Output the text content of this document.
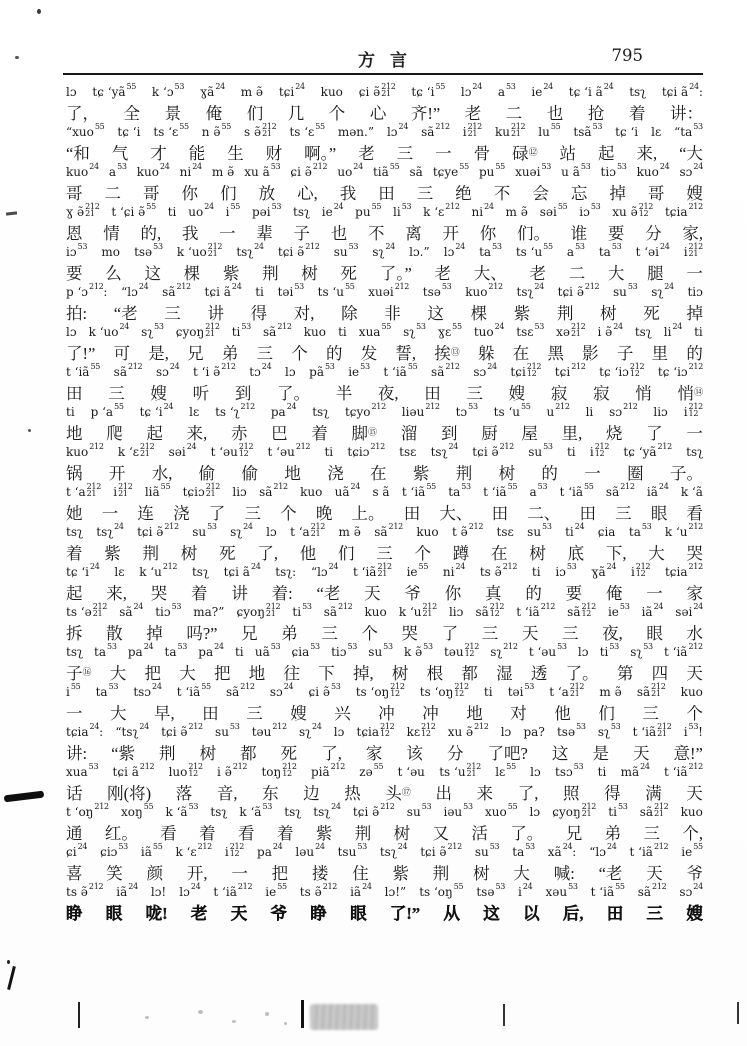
方 言	795
lɔ tɕ ʻyã 55 k ʻɔ 53 ɣã 24 m ə̃ tɕi 24 kuo ɕi ə̃ 212
21	tɕ ʻi 55 lɔ 24 a 53 ie 24 tɕ ʻi ã 24 tsʅ tɕi ã 24 :
了， 全 景 俺 们 几 个 心 齐!” 老 二 也 抢 着 讲：
“xuo 55 tɕ ʻi ts ʻɛ 55 n ə̃ 55 s ə̃ 212
21	ts ʻɛ 55 mən.” lɔ 24 sã 212 i 212
21	ku 212
21	lu 55 tsã 53 tɕ ʻi lɛ “ta 53
“和 气 才 能 生 财 啊。” 老 三 一 骨 碌⑫ 站 起 来, “大
kuo 24 a 53 kuo 24 ni 24 m ə̃ xu ã 53 ɕi ə̃ 212 uo 24 tiã 55 sã tɕye 55 pu 55 xuəi 53 u ã 53 tiɔ 53 kuo 24 sɔ 24
哥 二 哥 你 们 放 心, 我 田 三 绝 不 会 忘 掉 哥 嫂
ɣ ə̃ 212
21	t ʻɕi ə̃ 55 ti uo 24 i 55 pəi 53 tsʅ ie 24 pu 55 li 53 k ʻɛ 212 ni 24 m ə̃ səi 55 iɔ 53 xu ə̃ 212
12	tɕia 212
恩 情 的, 我 一 辈 子 也 不 离 开 你 们。 谁 要 分 家,
iɔ 53 mo tsə 53 k ʻuo 212
21	tsʅ 24 tɕi ə̃ 212 su 53 sʅ 24 lɔ.” lɔ 24 ta 53 ts ʻu 55 a 53 ta 53 t ʻəi 24 i 212
21
要 么 这 棵 紫 荆 树 死 了。” 老 大、 老 二 大 腿 一
p ʻɔ 212 : “lɔ 24 sã 212 tɕi ã 24 ti təi 53 ts ʻu 55 xuəi 212 tsə 53 kuo 212 tsʅ 24 tɕi ə̃ 212 su 53 sʅ 24 tiɔ
拍: “老 三 讲 得 对, 除 非 这 棵 紫 荆 树 死 掉
lɔ k ʻuo 24 sʅ 53 ɕyoŋ 212
21	ti 53 sã 212 kuo ti xua 55 sʅ 53 ɣɛ 55 tuo 24 tsɛ 53 xə 212
21	i ə̃ 24 tsʅ li 24 ti
了!” 可 是, 兄 弟 三 个 的 发 誓, 挨⑬ 躲 在 黑 影 子 里 的
t ʻiã 55 sã 212 sɔ 24 t ʻi ə̃ 212 tɔ 24 lɔ pã 53 ie 53 t ʻiã 55 sã 212 sɔ 24 tɕi 212
12	tɕi 212 tɕ ʻiɔ 212
12	tɕ ʻiɔ 212
田 三 嫂 听 到 了。 半 夜, 田 三 嫂 寂 寂 悄 悄⑭
ti p ʻa 55 tɕ ʻi 24 lɛ ts ʻʅ 212 pa 24 tsʅ tɕyo 212 liəu 212 tɔ 53 ts ʻu 55 u 212 li sɔ 212 liɔ i 212
12
地 爬 起 来, 赤 巴 着 脚⑮ 溜 到 厨 屋 里, 烧 了 一
kuo 212 k ʻɛ 212
21	səi 24 t ʻəu 212
12	t ʻəu 212 ti tɕiɔ 212 tsɛ tsʅ 24 tɕi ə̃ 212 su 53 ti i 212
12	tɕ ʻyã 212 tsʅ
锅 开 水, 偷 偷 地 浇 在 紫 荆 树 的 一 圈 子。
t ʻa 212
21	i 212
21	liã 55 tɕiɔ 212
21	liɔ sã 212 kuo uã 24 s ã t ʻiã 55 ta 53 t ʻiã 55 a 53 t ʻiã 55 sã 212 iã 24 k ʻã
她 一 连 浇 了 三 个 晚 上。 田 大、 田 二、 田 三 眼 看
tsʅ tsʅ 24 tɕi ə̃ 212 su 53 sʅ 24 lɔ t ʻa 212
21	m ə̃ sã 212 kuo t ə̃ 212 tsɛ su 53 ti 24 ɕia ta 53 k ʻu 212
着 紫 荆 树 死 了, 他 们 三 个 蹲 在 树 底 下, 大 哭
tɕ ʻi 24 lɛ k ʻu 212 tsʅ tɕi ã 24 tsʅ : “lɔ 24 t ʻiã 212
21	ie 55 ni 24 ts ə̃ 212 ti iɔ 53 ɣã 24 i 212
12	tɕia 212
起 来, 哭 着 讲 着: “老 天 爷 你 真 的 要 俺 一 家
ts ʻə 212
21	sã 24 tiɔ 53 ma?” ɕyoŋ 212
21	ti 53 sã 212 kuo k ʻu 212
21	liɔ sã 212
12	t ʻiã 212 sã 212
12	ie 53 iã 24 səi 24
拆 散 掉 吗?” 兄 弟 三 个 哭 了 三 天 三 夜, 眼 水
tsʅ ta 53 pa 24 ta 53 pa 24 ti uã 53 ɕia 53 tiɔ 53 su 53 k ə̃ 53 təu 212
12	sʅ 212 t ʻəu 53 lɔ ti 53 sʅ 53 t ʻiã 212
子⑯ 大 把 大 把 地 往 下 掉, 树 根 都 湿 透 了。 第 四 天
i 55 ta 53 tsɔ 24 t ʻiã 55 sã 212 sɔ 24 ɕi ə̃ 53 ts ʻoŋ 212
12	ts ʻoŋ 212
12	ti təi 53 t ʻa 212
21	m ə̃ sã 212
21	kuo
一 大 早, 田 三 嫂 兴 冲 冲 地 对 他 们 三 个
tɕia 24 : “tsʅ 24 tɕi ə̃ 212 su 53 təu 212 sʅ 24 lɔ tɕia 212
12	kɛ 212
12	xu ə̃ 212 lɔ pa? tsə 53 sʅ 53 t ʻiã 212
21	i 53 !
讲: “紫 荆 树 都 死 了, 家 该 分 了吧? 这 是 天 意!”
xua 53 tɕi ã 212 luo 212
12	i ə̃ 212 toŋ 212
12	piã 212 zə 55 t ʻəu ts ʻu 212
21	lɛ 55 lɔ tsɔ 53 ti mã 24 t ʻiã 212
话 刚(将) 落 音, 东 边 热 头⑰ 出 来 了, 照 得 满 天
t ʻoŋ 212 xoŋ 55 k ʻã 53 tsʅ k ʻã 53 tsʅ tsʅ 24 tɕi ə̃ 212 su 53 iəu 53 xuo 55 lɔ ɕyoŋ 212
21	ti 53 sã 212
21	kuo
通 红。 看 着 看 着 紫 荆 树 又 活 了。 兄 弟 三 个,
ɕi 24 ɕiɔ 53 iã 55 k ʻɛ 212 i 212
12	pa 24 ləu 24 tsu 53 tsʅ 24 tɕi ə̃ 212 su 53 ta 53 xã 24 : “lɔ 24 t ʻiã 212 ie 55
喜 笑 颜 开, 一 把 搂 住 紫 荆 树 大 喊: “老 天 爷
ts ə̃ 212 iã 24 lɔ! lɔ 24 t ʻiã 212 ie 55 ts ə̃ 212 iã 24 lɔ!” ts ʻoŋ 55 tsə 53 i 24 xəu 53 t ʻiã 55 sã 212 sɔ 24
睁 眼 咙! 老 天 爷 睁 眼 了!” 从 这 以 后, 田 三 嫂
